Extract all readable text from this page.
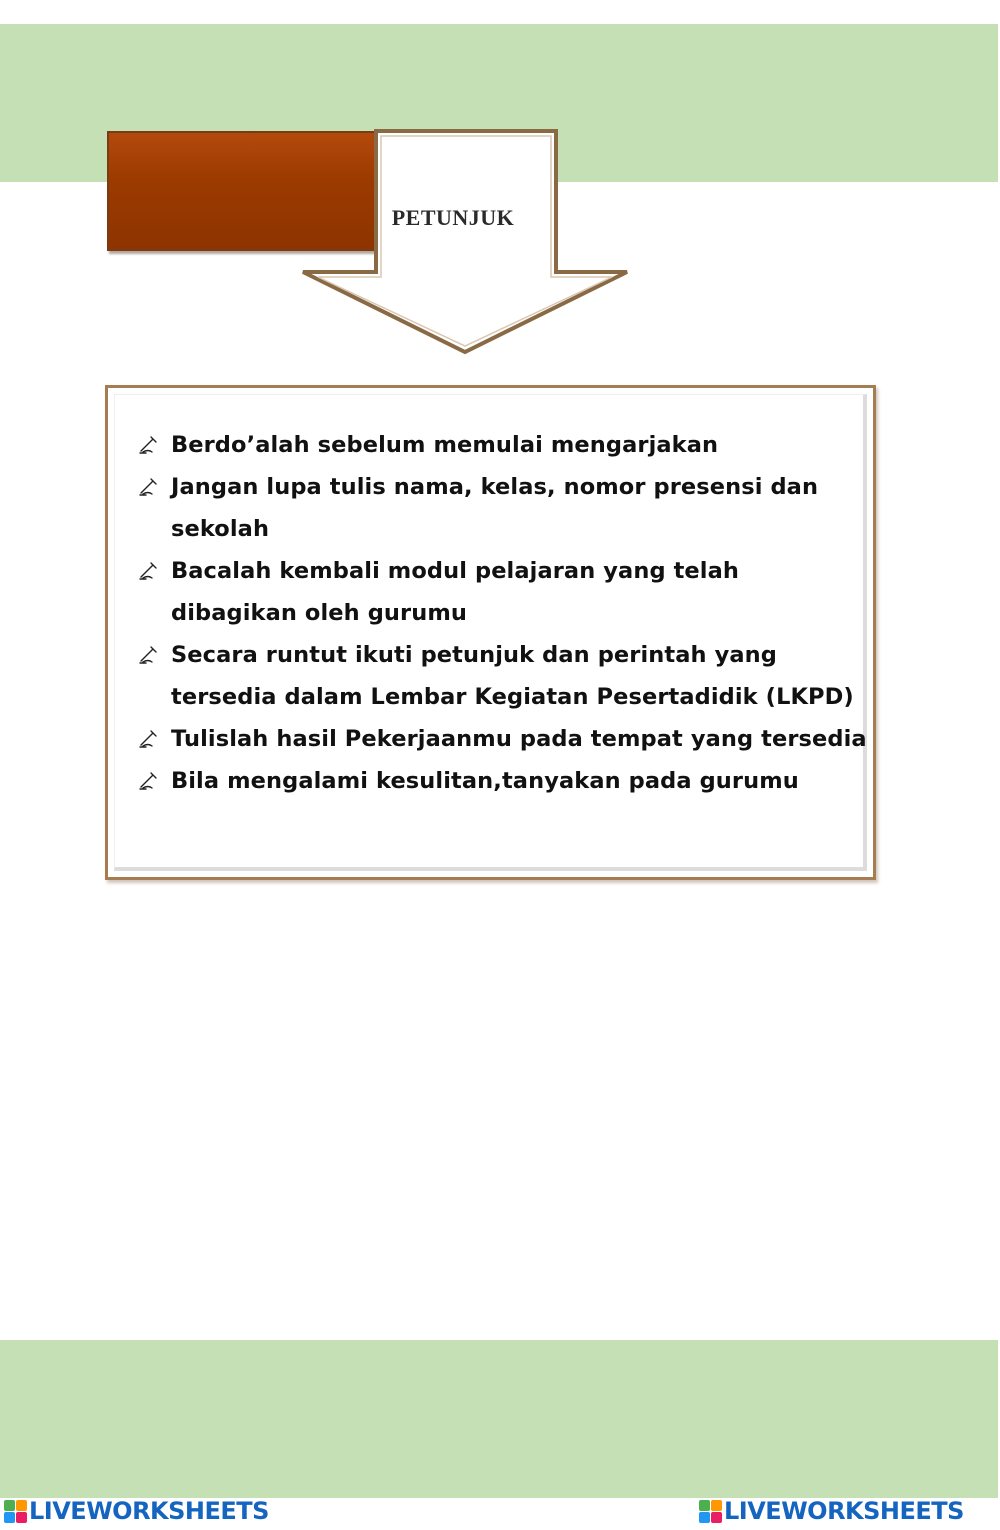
PETUNJUK
Berdo’alah sebelum memulai mengarjakan
Jangan lupa tulis nama, kelas, nomor presensi dan sekolah
Bacalah kembali modul pelajaran yang telah dibagikan oleh gurumu
Secara runtut ikuti petunjuk dan perintah yang tersedia dalam Lembar Kegiatan Pesertadidik (LKPD)
Tulislah hasil Pekerjaanmu pada tempat yang tersedia
Bila mengalami kesulitan,tanyakan pada gurumu
LIVEWORKSHEETS	LIVEWORKSHEETS
